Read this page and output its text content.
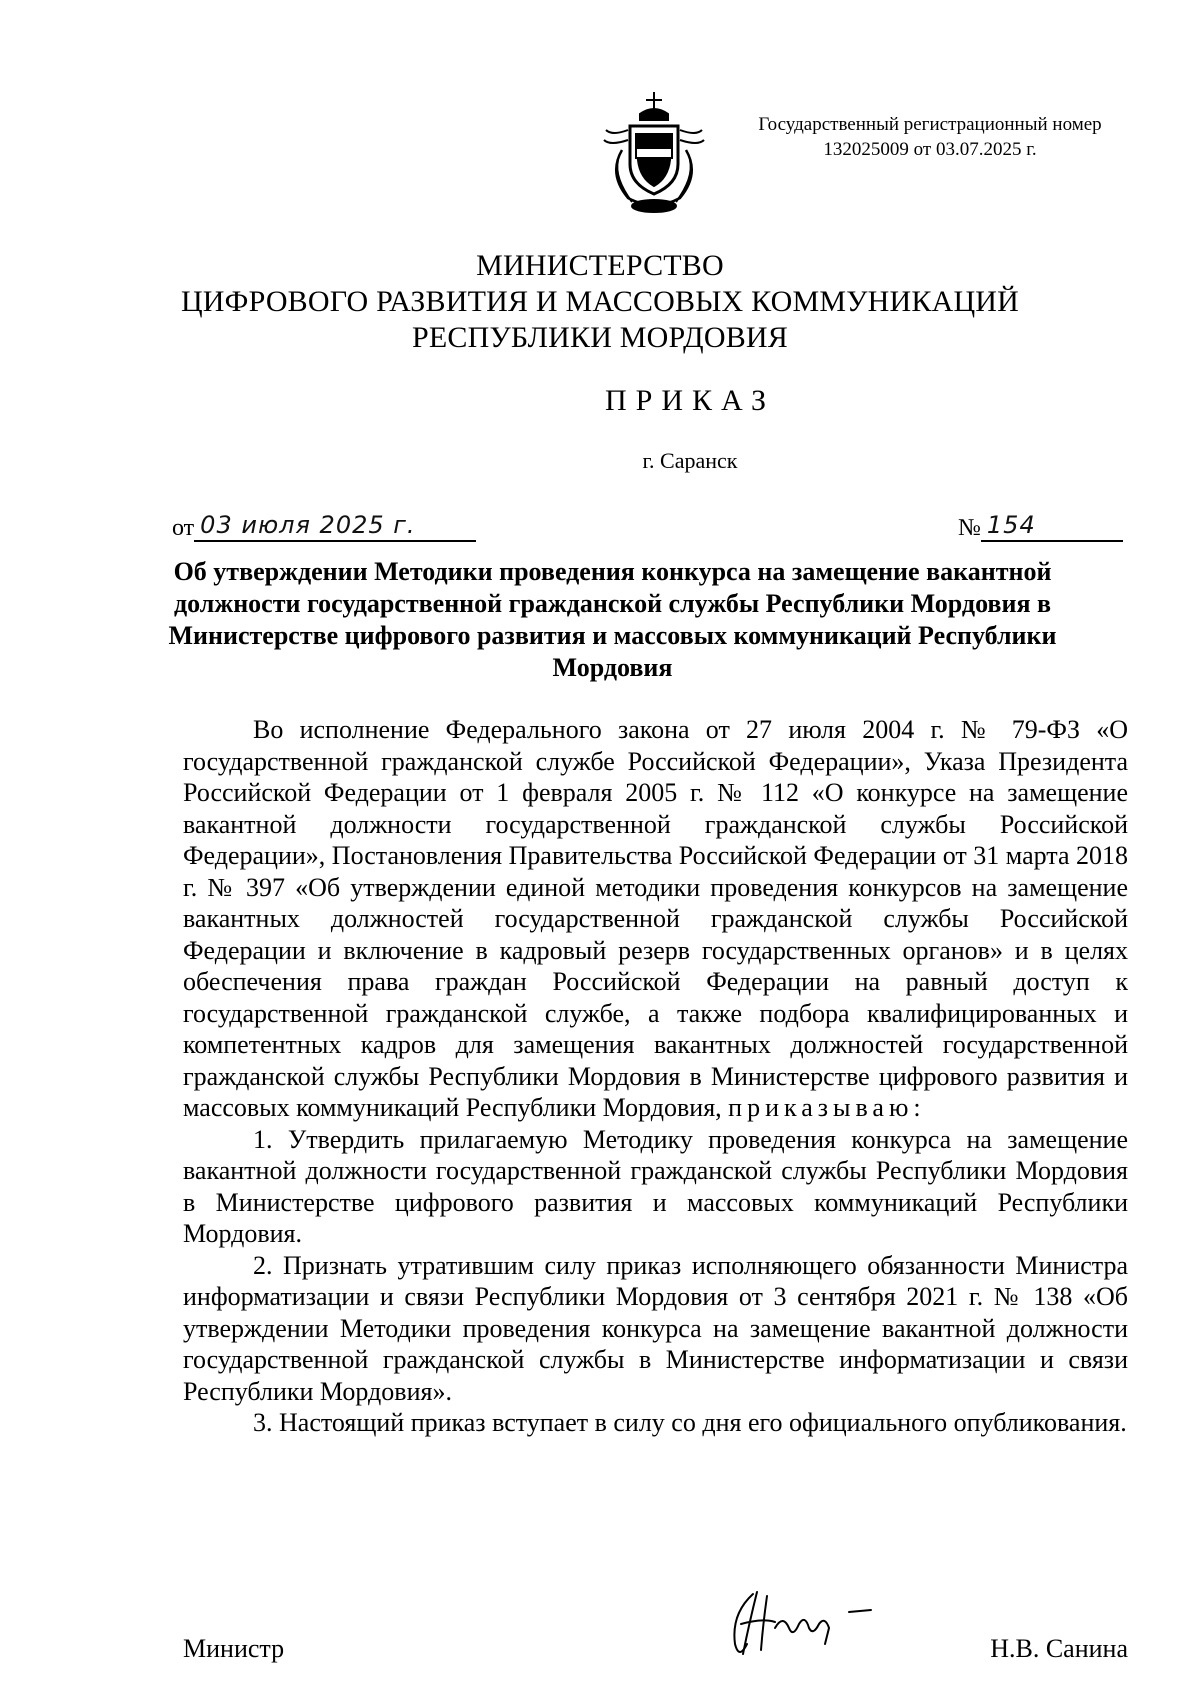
Государственный регистрационный номер
132025009 от 03.07.2025 г.
МИНИСТЕРСТВО
ЦИФРОВОГО РАЗВИТИЯ И МАССОВЫХ КОММУНИКАЦИЙ
РЕСПУБЛИКИ МОРДОВИЯ
ПРИКАЗ
г. Саранск
от 03 июля 2025 г.	№ 154
Об утверждении Методики проведения конкурса на замещение вакантной должности государственной гражданской службы Республики Мордовия в Министерстве цифрового развития и массовых коммуникаций Республики Мордовия

Во исполнение Федерального закона от 27 июля 2004 г. № 79-ФЗ «О государственной гражданской службе Российской Федерации», Указа Президента Российской Федерации от 1 февраля 2005 г. № 112 «О конкурсе на замещение вакантной должности государственной гражданской службы Российской Федерации», Постановления Правительства Российской Федерации от 31 марта 2018 г. № 397 «Об утверждении единой методики проведения конкурсов на замещение вакантных должностей государственной гражданской службы Российской Федерации и включение в кадровый резерв государственных органов» и в целях обеспечения права граждан Российской Федерации на равный доступ к государственной гражданской службе, а также подбора квалифицированных и компетентных кадров для замещения вакантных должностей государственной гражданской службы Республики Мордовия в Министерстве цифрового развития и массовых коммуникаций Республики Мордовия, приказываю:

1. Утвердить прилагаемую Методику проведения конкурса на замещение вакантной должности государственной гражданской службы Республики Мордовия в Министерстве цифрового развития и массовых коммуникаций Республики Мордовия.

2. Признать утратившим силу приказ исполняющего обязанности Министра информатизации и связи Республики Мордовия от 3 сентября 2021 г. № 138 «Об утверждении Методики проведения конкурса на замещение вакантной должности государственной гражданской службы в Министерстве информатизации и связи Республики Мордовия».

3. Настоящий приказ вступает в силу со дня его официального опубликования.

Министр	Н.В. Санина
